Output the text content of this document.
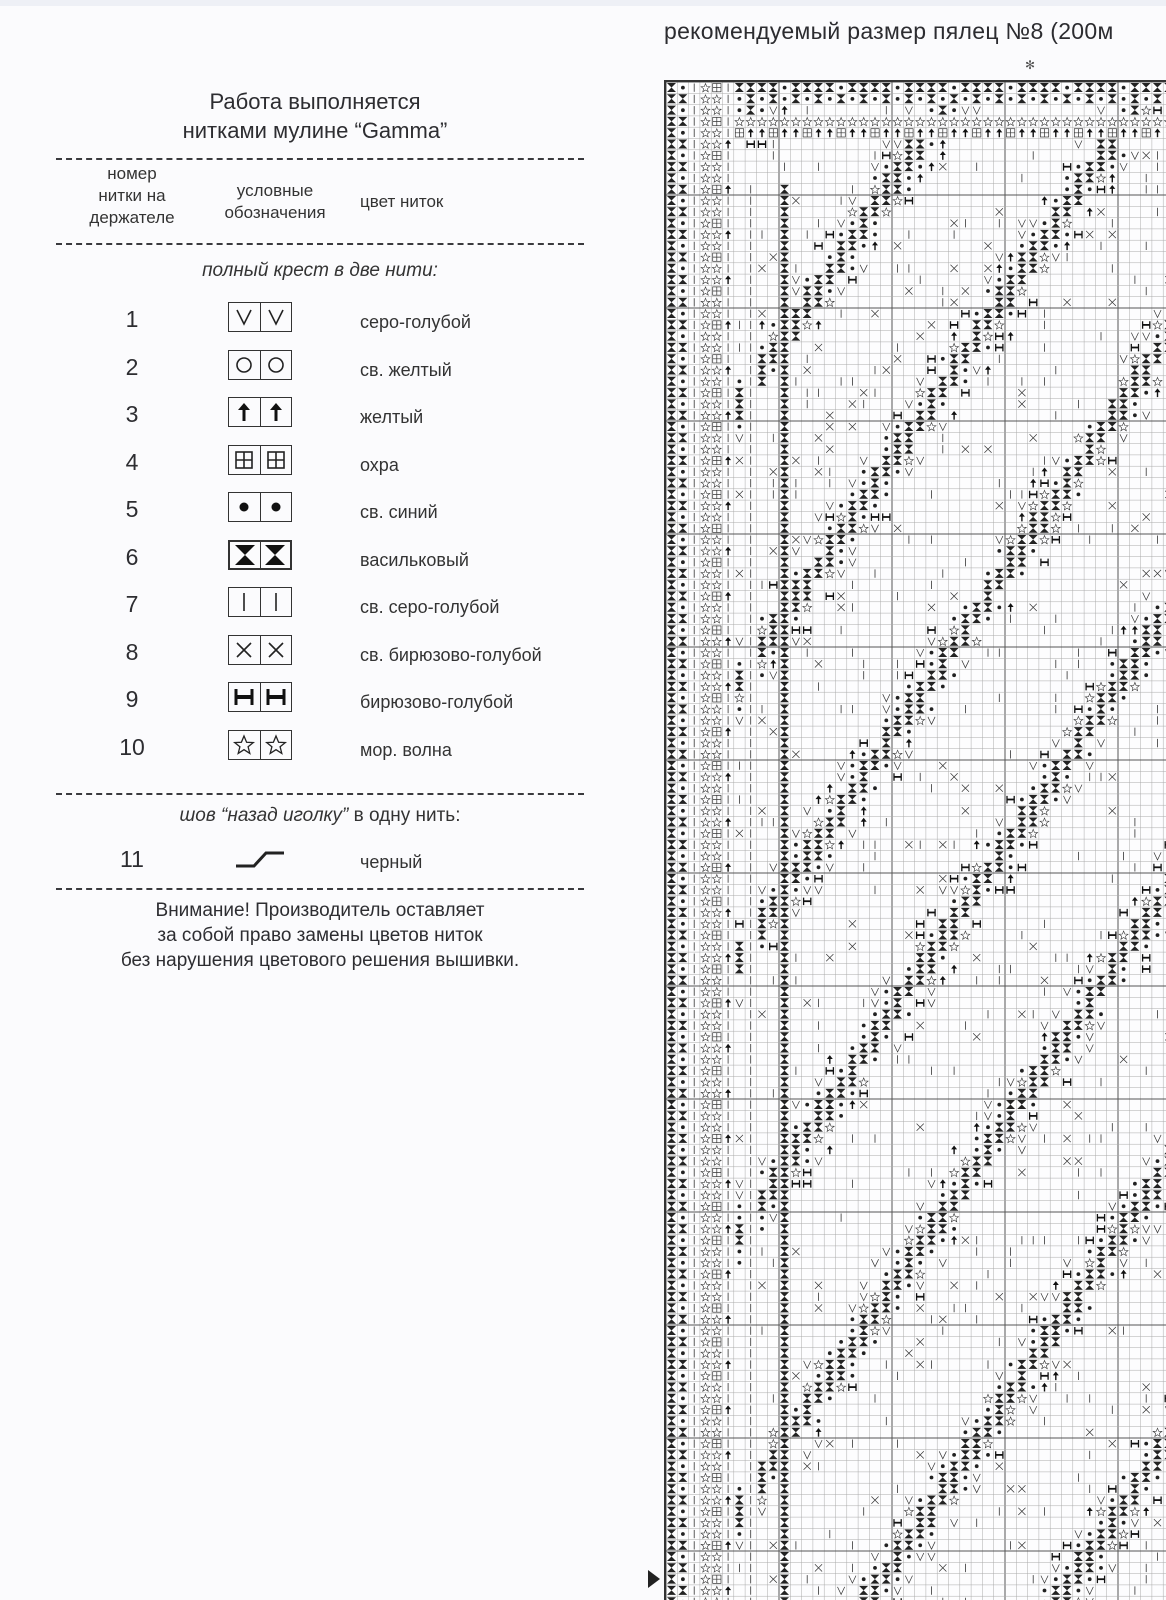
рекомендуемый размер пялец №8 (200м
✻
Работа выполняется
нитками мулине “Gamma”
номер
нитки на
держателе
условные
обозначения
цвет ниток
полный крест в две нити:
1	серо-голубой
2	св. желтый
3	желтый
4	охра
5	св. синий
6	васильковый
7	св. серо-голубой
8	св. бирюзово-голубой
9	бирюзово-голубой
10	мор. волна
шов “назад иголку” в одну нить:
11	черный
Внимание! Производитель оставляет
за собой право замены цветов ниток
без нарушения цветового решения вышивки.
